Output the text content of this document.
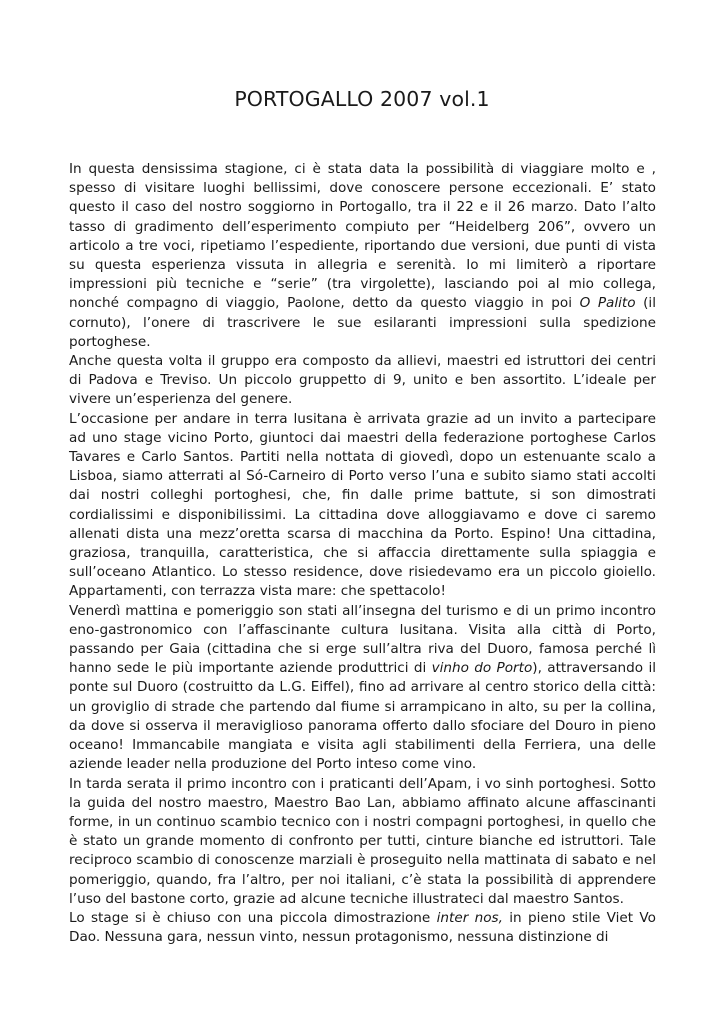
PORTOGALLO 2007 vol.1

In questa densissima stagione, ci è stata data la possibilità di viaggiare molto e , spesso di visitare luoghi bellissimi, dove conoscere persone eccezionali. E’ stato questo il caso del nostro soggiorno in Portogallo, tra il 22 e il 26 marzo. Dato l’alto tasso di gradimento dell’esperimento compiuto per “Heidelberg 206”, ovvero un articolo a tre voci, ripetiamo l’espediente, riportando due versioni, due punti di vista su questa esperienza vissuta in allegria e serenità. Io mi limiterò a riportare impressioni più tecniche e “serie” (tra virgolette), lasciando poi al mio collega, nonché compagno di viaggio, Paolone, detto da questo viaggio in poi O Palito (il cornuto), l’onere di trascrivere le sue esilaranti impressioni sulla spedizione portoghese.

Anche questa volta il gruppo era composto da allievi, maestri ed istruttori dei centri di Padova e Treviso. Un piccolo gruppetto di 9, unito e ben assortito. L’ideale per vivere un’esperienza del genere.

L’occasione per andare in terra lusitana è arrivata grazie ad un invito a partecipare ad uno stage vicino Porto, giuntoci dai maestri della federazione portoghese Carlos Tavares e Carlo Santos. Partiti nella nottata di giovedì, dopo un estenuante scalo a Lisboa, siamo atterrati al Só-Carneiro di Porto verso l’una e subito siamo stati accolti dai nostri colleghi portoghesi, che, fin dalle prime battute, si son dimostrati cordialissimi e disponibilissimi. La cittadina dove alloggiavamo e dove ci saremo allenati dista una mezz’oretta scarsa di macchina da Porto. Espino! Una cittadina, graziosa, tranquilla, caratteristica, che si affaccia direttamente sulla spiaggia e sull’oceano Atlantico. Lo stesso residence, dove risiedevamo era un piccolo gioiello. Appartamenti, con terrazza vista mare: che spettacolo!

Venerdì mattina e pomeriggio son stati all’insegna del turismo e di un primo incontro eno-gastronomico con l’affascinante cultura lusitana. Visita alla città di Porto, passando per Gaia (cittadina che si erge sull’altra riva del Duoro, famosa perché lì hanno sede le più importante aziende produttrici di vinho do Porto), attraversando il ponte sul Duoro (costruitto da L.G. Eiffel), fino ad arrivare al centro storico della città: un groviglio di strade che partendo dal fiume si arrampicano in alto, su per la collina, da dove si osserva il meraviglioso panorama offerto dallo sfociare del Douro in pieno oceano! Immancabile mangiata e visita agli stabilimenti della Ferriera, una delle aziende leader nella produzione del Porto inteso come vino.

In tarda serata il primo incontro con i praticanti dell’Apam, i vo sinh portoghesi. Sotto la guida del nostro maestro, Maestro Bao Lan, abbiamo affinato alcune affascinanti forme, in un continuo scambio tecnico con i nostri compagni portoghesi, in quello che è stato un grande momento di confronto per tutti, cinture bianche ed istruttori. Tale reciproco scambio di conoscenze marziali è proseguito nella mattinata di sabato e nel pomeriggio, quando, fra l’altro, per noi italiani, c’è stata la possibilità di apprendere l’uso del bastone corto, grazie ad alcune tecniche illustrateci dal maestro Santos.

Lo stage si è chiuso con una piccola dimostrazione inter nos, in pieno stile Viet Vo Dao. Nessuna gara, nessun vinto, nessun protagonismo, nessuna distinzione di
